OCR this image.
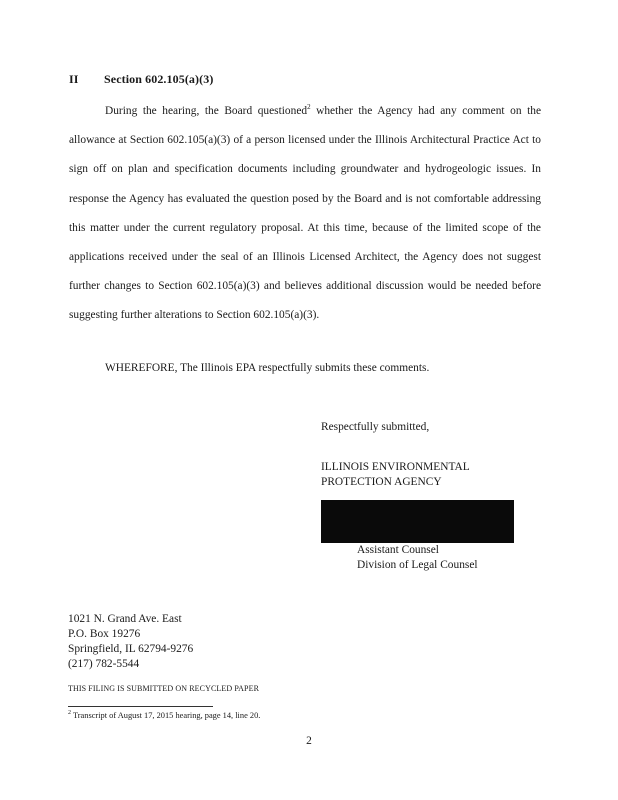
II Section 602.105(a)(3)

During the hearing, the Board questioned$^2$ whether the Agency had any comment on the allowance at Section 602.105(a)(3) of a person licensed under the Illinois Architectural Practice Act to sign off on plan and specification documents including groundwater and hydrogeologic issues. In response the Agency has evaluated the question posed by the Board and is not comfortable addressing this matter under the current regulatory proposal. At this time, because of the limited scope of the applications received under the seal of an Illinois Licensed Architect, the Agency does not suggest further changes to Section 602.105(a)(3) and believes additional discussion would be needed before suggesting further alterations to Section 602.105(a)(3).

WHEREFORE, The Illinois EPA respectfully submits these comments.
Respectfully submitted,
ILLINOIS ENVIRONMENTAL
PROTECTION AGENCY
Assistant Counsel
Division of Legal Counsel
1021 N. Grand Ave. East
P.O. Box 19276
Springfield, IL 62794-9276
(217) 782-5544
THIS FILING IS SUBMITTED ON RECYCLED PAPER
$^2$ Transcript of August 17, 2015 hearing, page 14, line 20.
2
